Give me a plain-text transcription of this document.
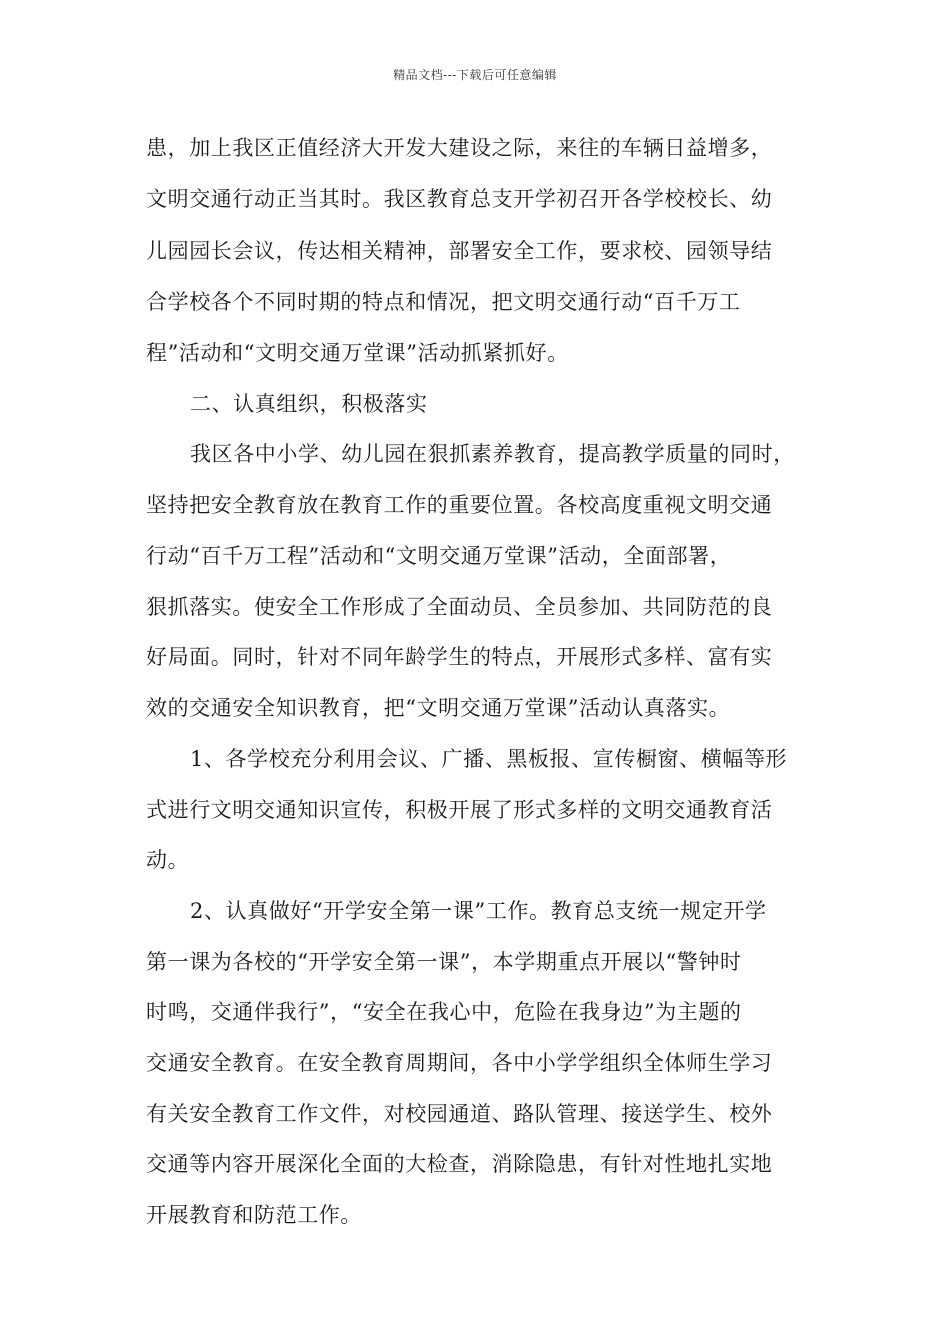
精品文档---下载后可任意编辑
患，加上我区正值经济大开发大建设之际，来往的车辆日益增多，
文明交通行动正当其时。我区教育总支开学初召开各学校校长、幼
儿园园长会议，传达相关精神，部署安全工作，要求校、园领导结
合学校各个不同时期的特点和情况，把文明交通行动“百千万工
程”活动和“文明交通万堂课”活动抓紧抓好。
二、认真组织，积极落实
我区各中小学、幼儿园在狠抓素养教育，提高教学质量的同时，
坚持把安全教育放在教育工作的重要位置。各校高度重视文明交通
行动“百千万工程”活动和“文明交通万堂课”活动，全面部署，
狠抓落实。使安全工作形成了全面动员、全员参加、共同防范的良
好局面。同时，针对不同年龄学生的特点，开展形式多样、富有实
效的交通安全知识教育，把“文明交通万堂课”活动认真落实。
1、各学校充分利用会议、广播、黑板报、宣传橱窗、横幅等形
式进行文明交通知识宣传，积极开展了形式多样的文明交通教育活
动。
2、认真做好“开学安全第一课”工作。教育总支统一规定开学
第一课为各校的“开学安全第一课”，本学期重点开展以“警钟时
时鸣，交通伴我行”，“安全在我心中，危险在我身边”为主题的
交通安全教育。在安全教育周期间，各中小学学组织全体师生学习
有关安全教育工作文件，对校园通道、路队管理、接送学生、校外
交通等内容开展深化全面的大检查，消除隐患，有针对性地扎实地
开展教育和防范工作。
